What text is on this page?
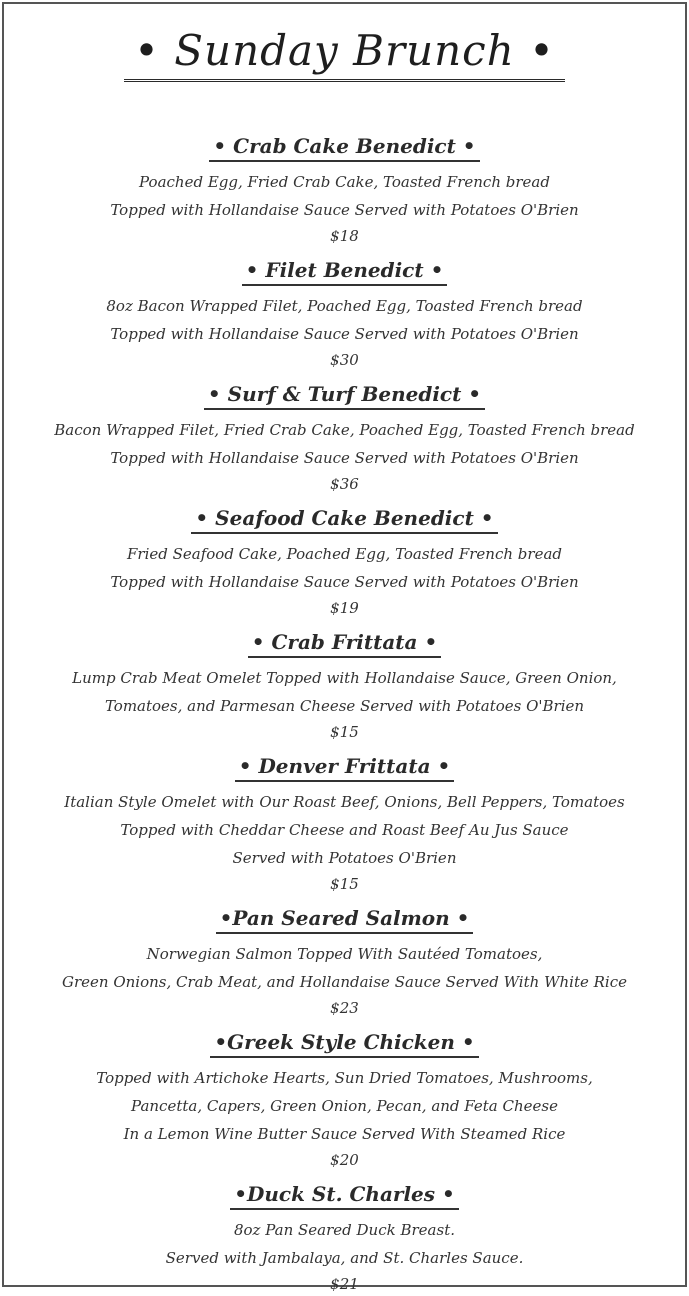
• Sunday Brunch •
• Crab Cake Benedict •
Poached Egg, Fried Crab Cake, Toasted French bread
Topped with Hollandaise Sauce Served with Potatoes O'Brien
$18
• Filet Benedict •
8oz Bacon Wrapped Filet, Poached Egg, Toasted French bread
Topped with Hollandaise Sauce Served with Potatoes O'Brien
$30
• Surf & Turf Benedict •
Bacon Wrapped Filet, Fried Crab Cake, Poached Egg, Toasted French bread
Topped with Hollandaise Sauce Served with Potatoes O'Brien
$36
• Seafood Cake Benedict •
Fried Seafood Cake, Poached Egg, Toasted French bread
Topped with Hollandaise Sauce Served with Potatoes O'Brien
$19
• Crab Frittata •
Lump Crab Meat Omelet Topped with Hollandaise Sauce, Green Onion,
Tomatoes, and Parmesan Cheese Served with Potatoes O'Brien
$15
• Denver Frittata •
Italian Style Omelet with Our Roast Beef, Onions, Bell Peppers, Tomatoes
Topped with Cheddar Cheese and Roast Beef Au Jus Sauce
Served with Potatoes O'Brien
$15
•Pan Seared Salmon •
Norwegian Salmon Topped With Sautéed Tomatoes,
Green Onions, Crab Meat, and Hollandaise Sauce Served With White Rice
$23
•Greek Style Chicken •
Topped with Artichoke Hearts, Sun Dried Tomatoes, Mushrooms,
Pancetta, Capers, Green Onion, Pecan, and Feta Cheese
In a Lemon Wine Butter Sauce Served With Steamed Rice
$20
•Duck St. Charles •
8oz Pan Seared Duck Breast.
Served with Jambalaya, and St. Charles Sauce.
$21
